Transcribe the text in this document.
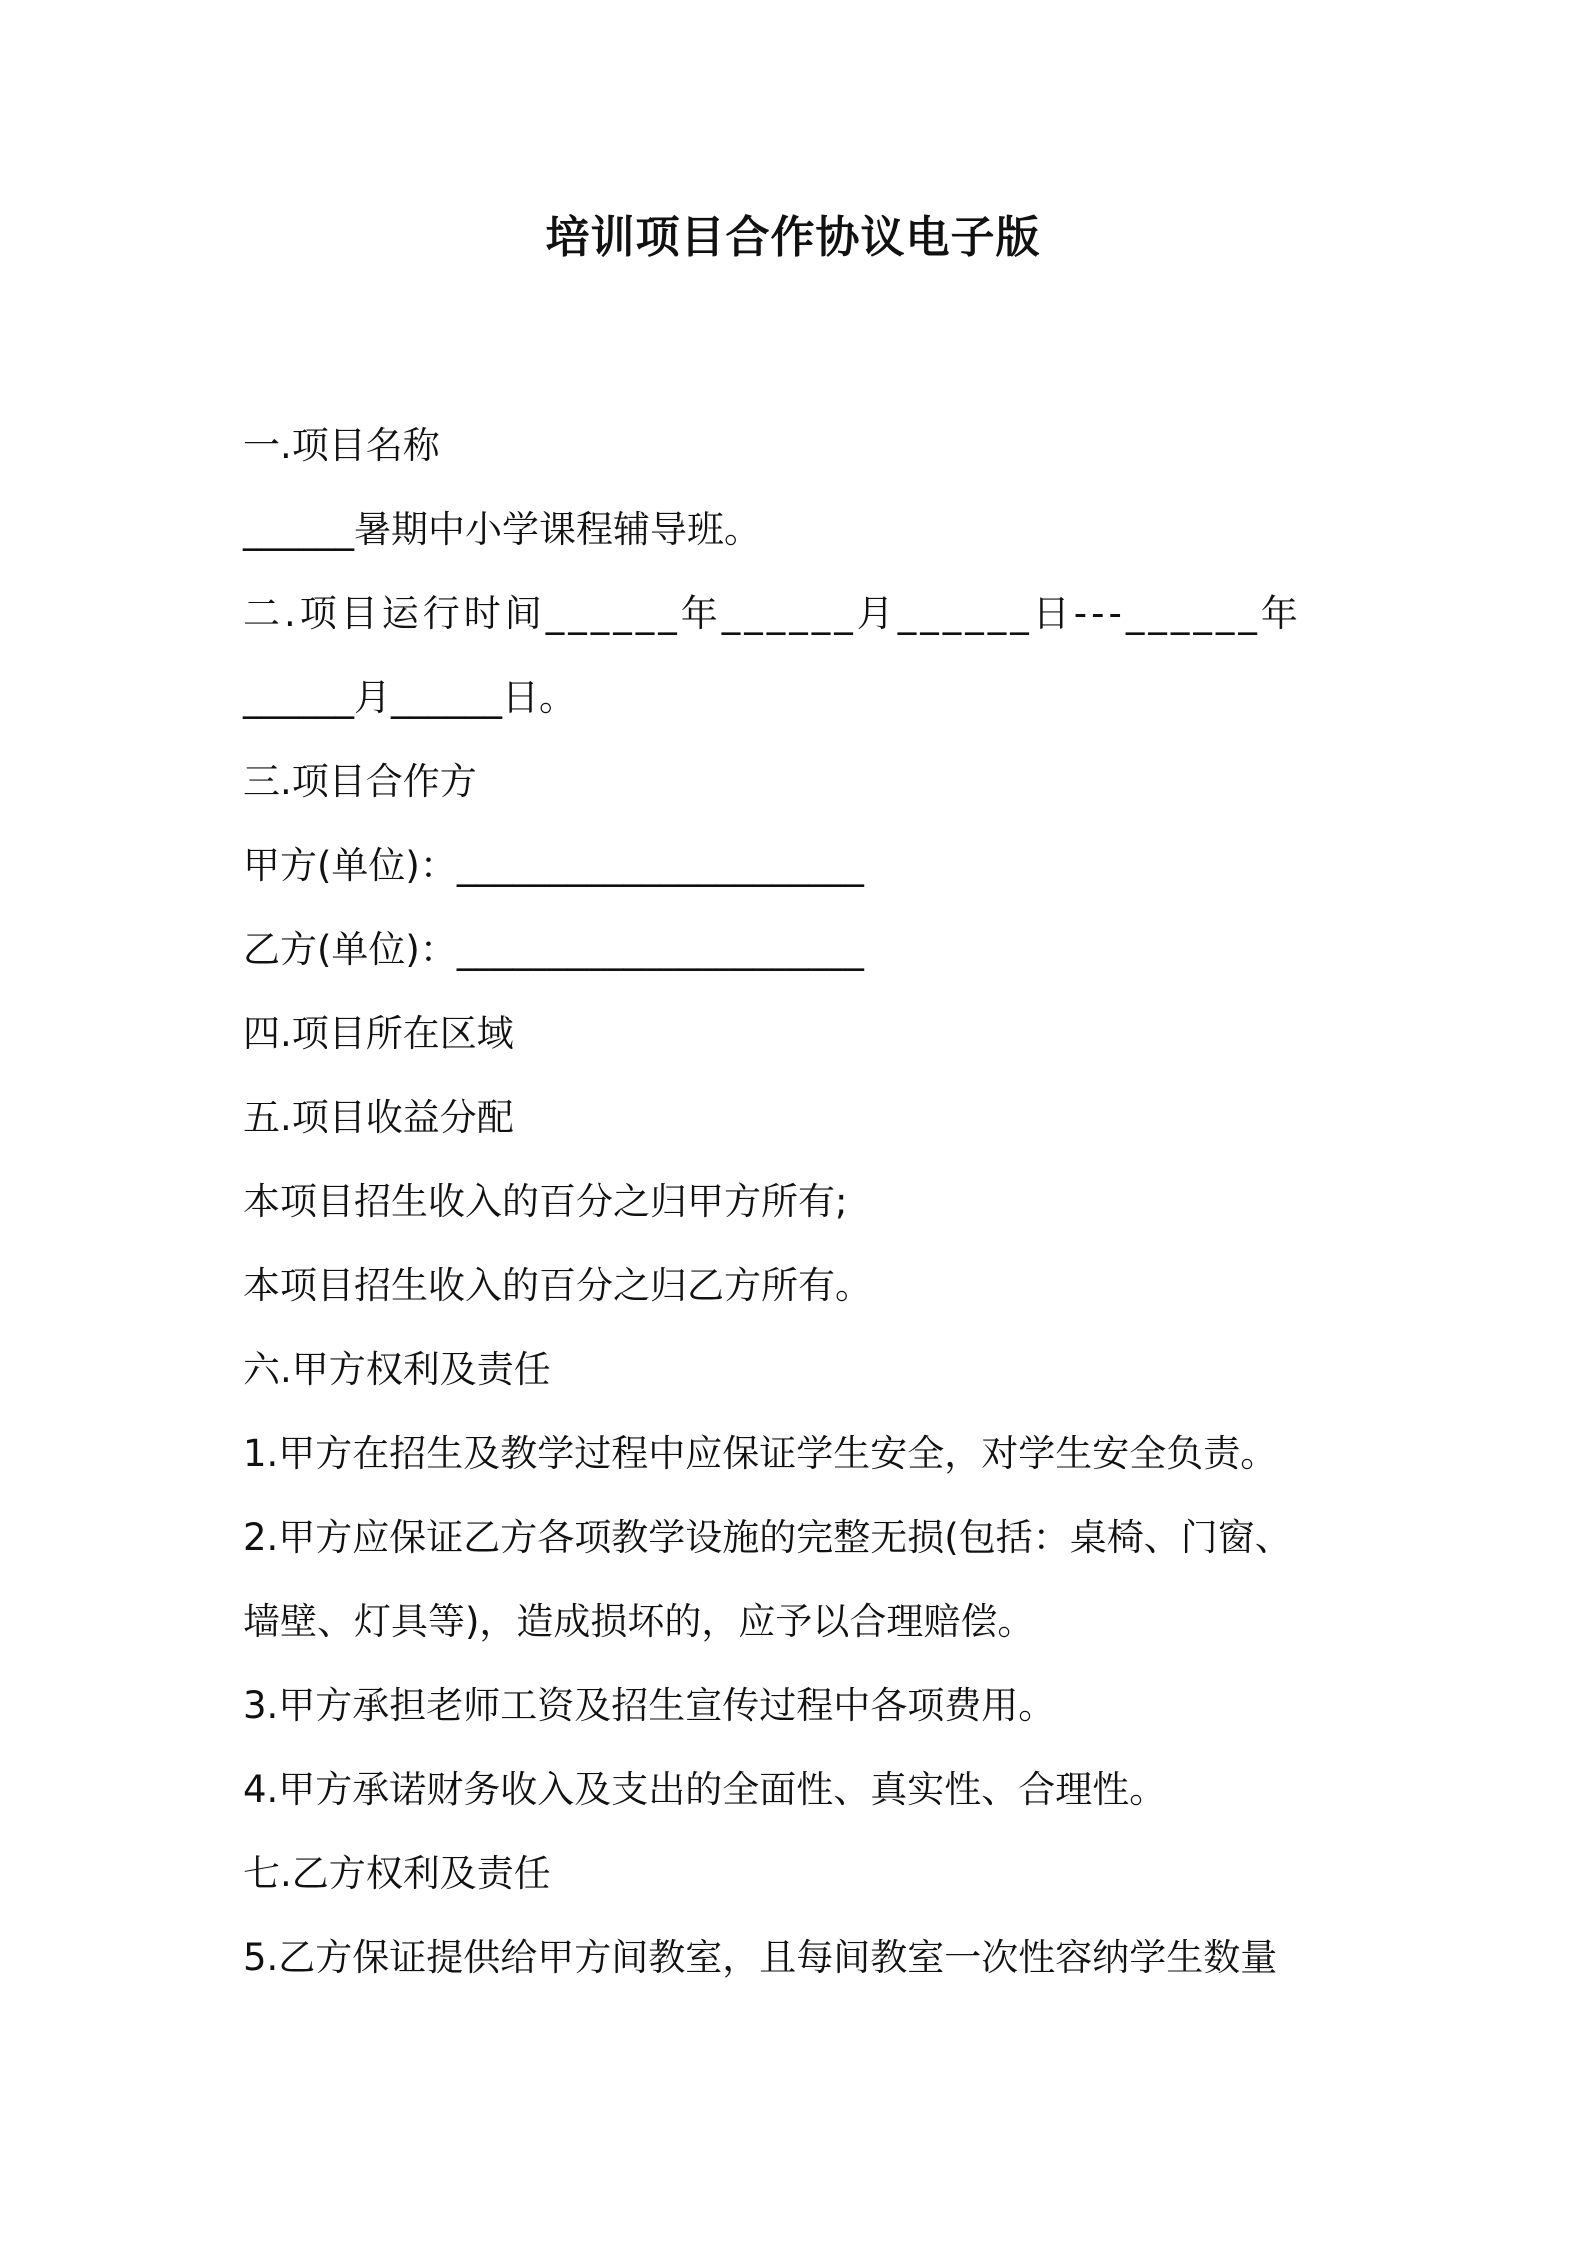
培训项目合作协议电子版

一.项目名称

______暑期中小学课程辅导班。

二.项目运行时间______年______月______日---______年

______月______日。

三.项目合作方

甲方(单位)：______________________

乙方(单位)：______________________

四.项目所在区域

五.项目收益分配

本项目招生收入的百分之归甲方所有;

本项目招生收入的百分之归乙方所有。

六.甲方权利及责任

1.甲方在招生及教学过程中应保证学生安全，对学生安全负责。

2.甲方应保证乙方各项教学设施的完整无损(包括：桌椅、门窗、

墙壁、灯具等)，造成损坏的，应予以合理赔偿。

3.甲方承担老师工资及招生宣传过程中各项费用。

4.甲方承诺财务收入及支出的全面性、真实性、合理性。

七.乙方权利及责任

5.乙方保证提供给甲方间教室，且每间教室一次性容纳学生数量
